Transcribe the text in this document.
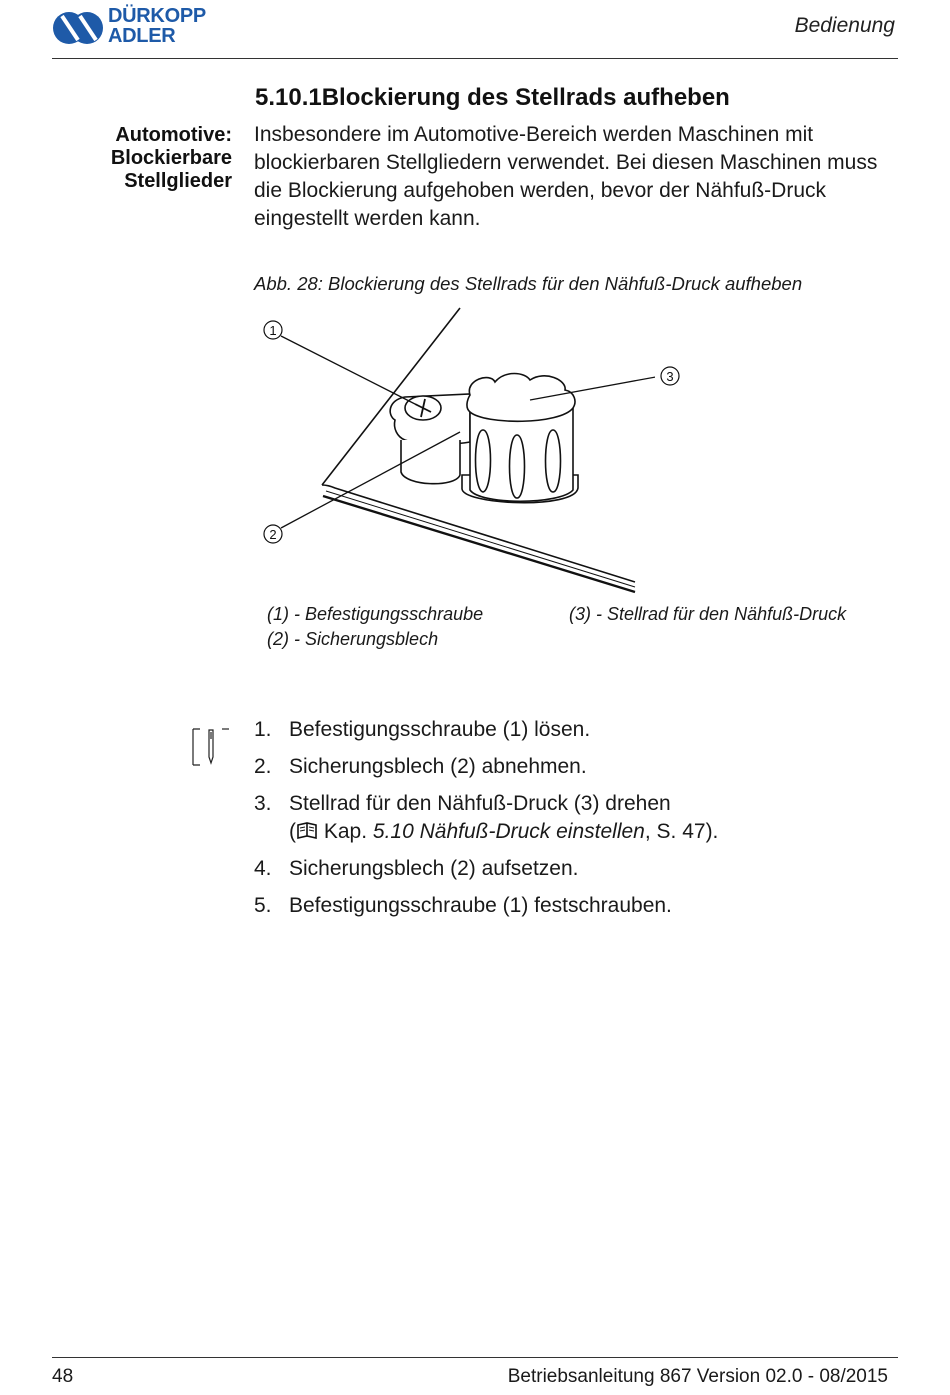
DÜRKOPP
ADLER	Bedienung
5.10.1Blockierung des Stellrads aufheben
Automotive:
Blockierbare
Stellglieder
Insbesondere im Automotive-Bereich werden Maschinen mit blockierbaren Stellgliedern verwendet. Bei diesen Maschinen muss die Blockierung aufgehoben werden, bevor der Nähfuß-Druck eingestellt werden kann.
Abb. 28: Blockierung des Stellrads für den Nähfuß-Druck aufheben
1
2
3
(1) - Befestigungsschraube
(2) - Sicherungsblech
(3) - Stellrad für den Nähfuß-Druck
1. Befestigungsschraube (1) lösen.
2. Sicherungsblech (2) abnehmen.
3. Stellrad für den Nähfuß-Druck (3) drehen
( Kap. 5.10 Nähfuß-Druck einstellen, S. 47).
4. Sicherungsblech (2) aufsetzen.
5. Befestigungsschraube (1) festschrauben.
48	Betriebsanleitung 867 Version 02.0 - 08/2015
